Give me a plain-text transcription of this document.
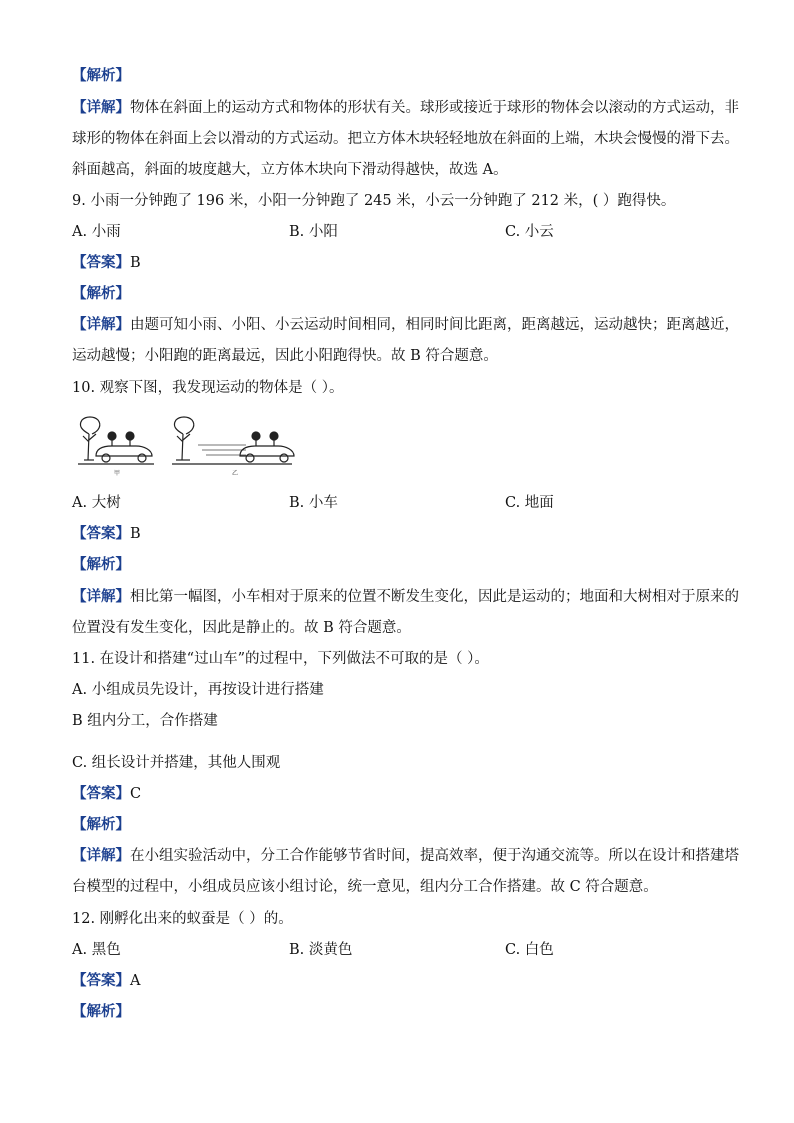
【解析】
【详解】物体在斜面上的运动方式和物体的形状有关。球形或接近于球形的物体会以滚动的方式运动，非
球形的物体在斜面上会以滑动的方式运动。把立方体木块轻轻地放在斜面的上端，木块会慢慢的滑下去。
斜面越高，斜面的坡度越大，立方体木块向下滑动得越快，故选 A。
9. 小雨一分钟跑了 196 米，小阳一分钟跑了 245 米，小云一分钟跑了 212 米，( ）跑得快。
A. 小雨	B. 小阳	C. 小云
【答案】B
【解析】
【详解】由题可知小雨、小阳、小云运动时间相同，相同时间比距离，距离越远，运动越快；距离越近，
运动越慢；小阳跑的距离最远，因此小阳跑得快。故 B 符合题意。
10. 观察下图，我发现运动的物体是（ ）。
甲	乙
A. 大树	B. 小车	C. 地面
【答案】B
【解析】
【详解】相比第一幅图，小车相对于原来的位置不断发生变化，因此是运动的；地面和大树相对于原来的
位置没有发生变化，因此是静止的。故 B 符合题意。
11. 在设计和搭建“过山车”的过程中，下列做法不可取的是（ ）。
A. 小组成员先设计，再按设计进行搭建
B 组内分工，合作搭建
C. 组长设计并搭建，其他人围观
【答案】C
【解析】
【详解】在小组实验活动中，分工合作能够节省时间，提高效率，便于沟通交流等。所以在设计和搭建塔
台模型的过程中，小组成员应该小组讨论，统一意见，组内分工合作搭建。故 C 符合题意。
12. 刚孵化出来的蚁蚕是（ ）的。
A. 黑色	B. 淡黄色	C. 白色
【答案】A
【解析】
